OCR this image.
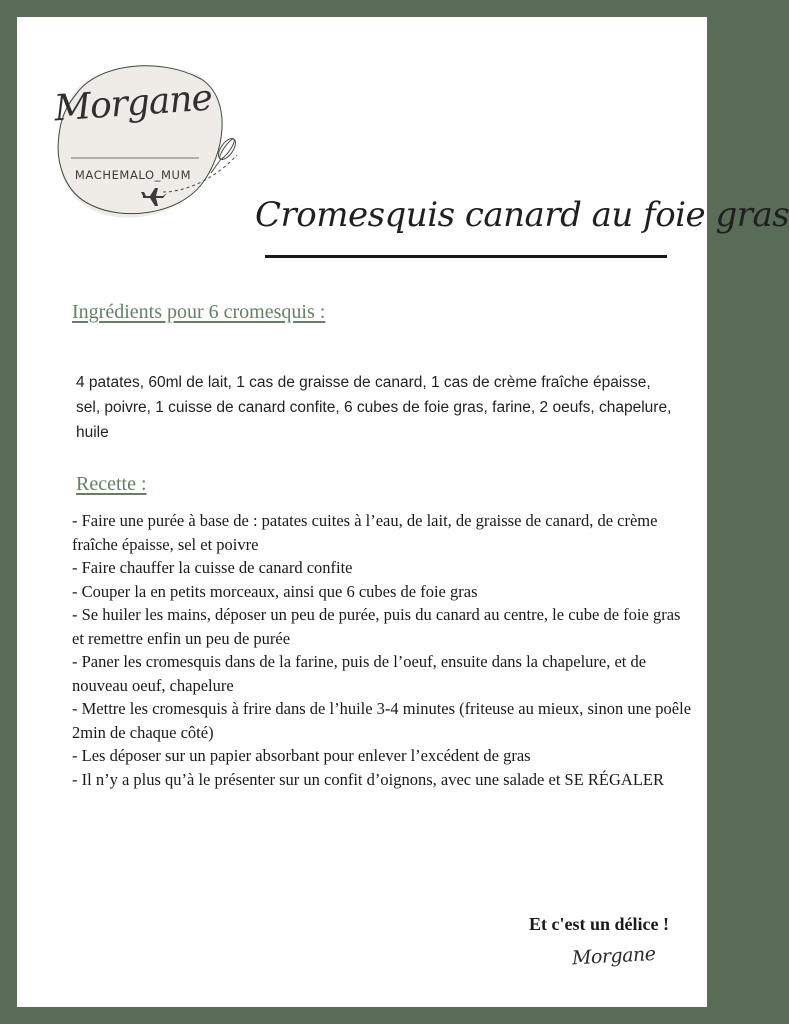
Morgane
MACHEMALO_MUM
Cromesquis canard au foie gras
Ingrédients pour 6 cromesquis :
4 patates, 60ml de lait, 1 cas de graisse de canard, 1 cas de crème fraîche épaisse, sel, poivre, 1 cuisse de canard confite, 6 cubes de foie gras, farine, 2 oeufs, chapelure, huile
Recette :
- Faire une purée à base de : patates cuites à l’eau, de lait, de graisse de canard, de crème fraîche épaisse, sel et poivre
- Faire chauffer la cuisse de canard confite
- Couper la en petits morceaux, ainsi que 6 cubes de foie gras
- Se huiler les mains, déposer un peu de purée, puis du canard au centre, le cube de foie gras et remettre enfin un peu de purée
- Paner les cromesquis dans de la farine, puis de l’oeuf, ensuite dans la chapelure, et de nouveau oeuf, chapelure
- Mettre les cromesquis à frire dans de l’huile 3-4 minutes (friteuse au mieux, sinon une poêle 2min de chaque côté)
- Les déposer sur un papier absorbant pour enlever l’excédent de gras
- Il n’y a plus qu’à le présenter sur un confit d’oignons, avec une salade et SE RÉGALER
Et c'est un délice !
Morgane
